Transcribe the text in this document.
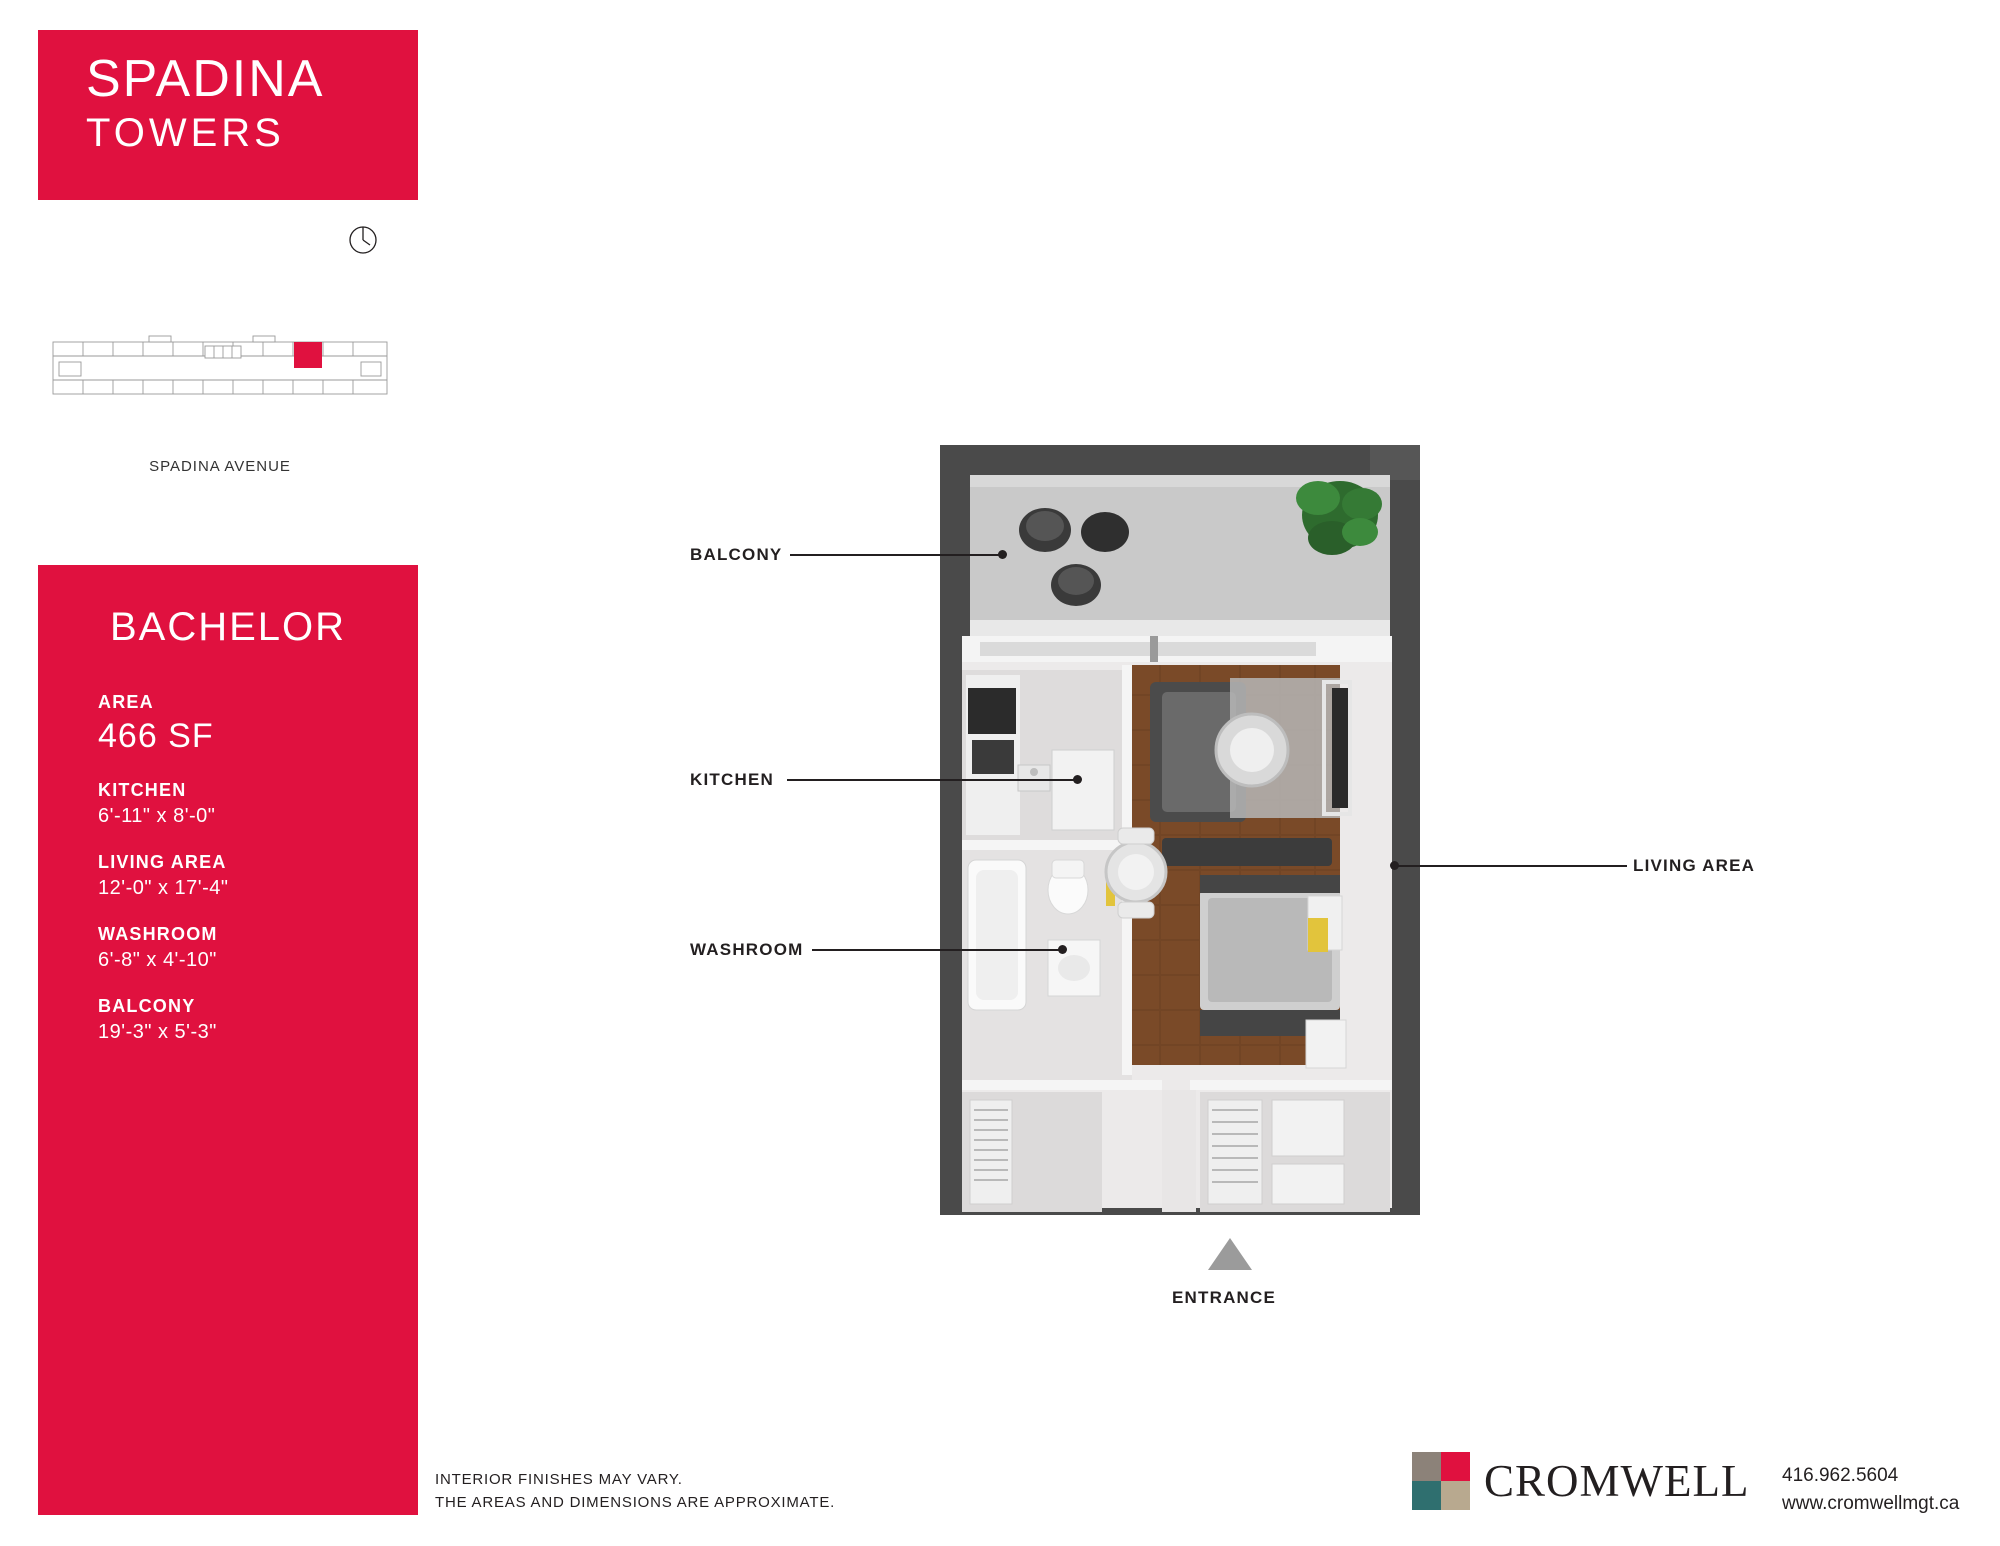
SPADINA
TOWERS
SPADINA AVENUE
BACHELOR
AREA
466 SF
KITCHEN
6'-11" x 8'-0"
LIVING AREA
12'-0" x 17'-4"
WASHROOM
6'-8" x 4'-10"
BALCONY
19'-3" x 5'-3"
BALCONY
KITCHEN
WASHROOM
LIVING AREA
ENTRANCE
INTERIOR FINISHES MAY VARY.
THE AREAS AND DIMENSIONS ARE APPROXIMATE.	CROMWELL 416.962.5604
www.cromwellmgt.ca
